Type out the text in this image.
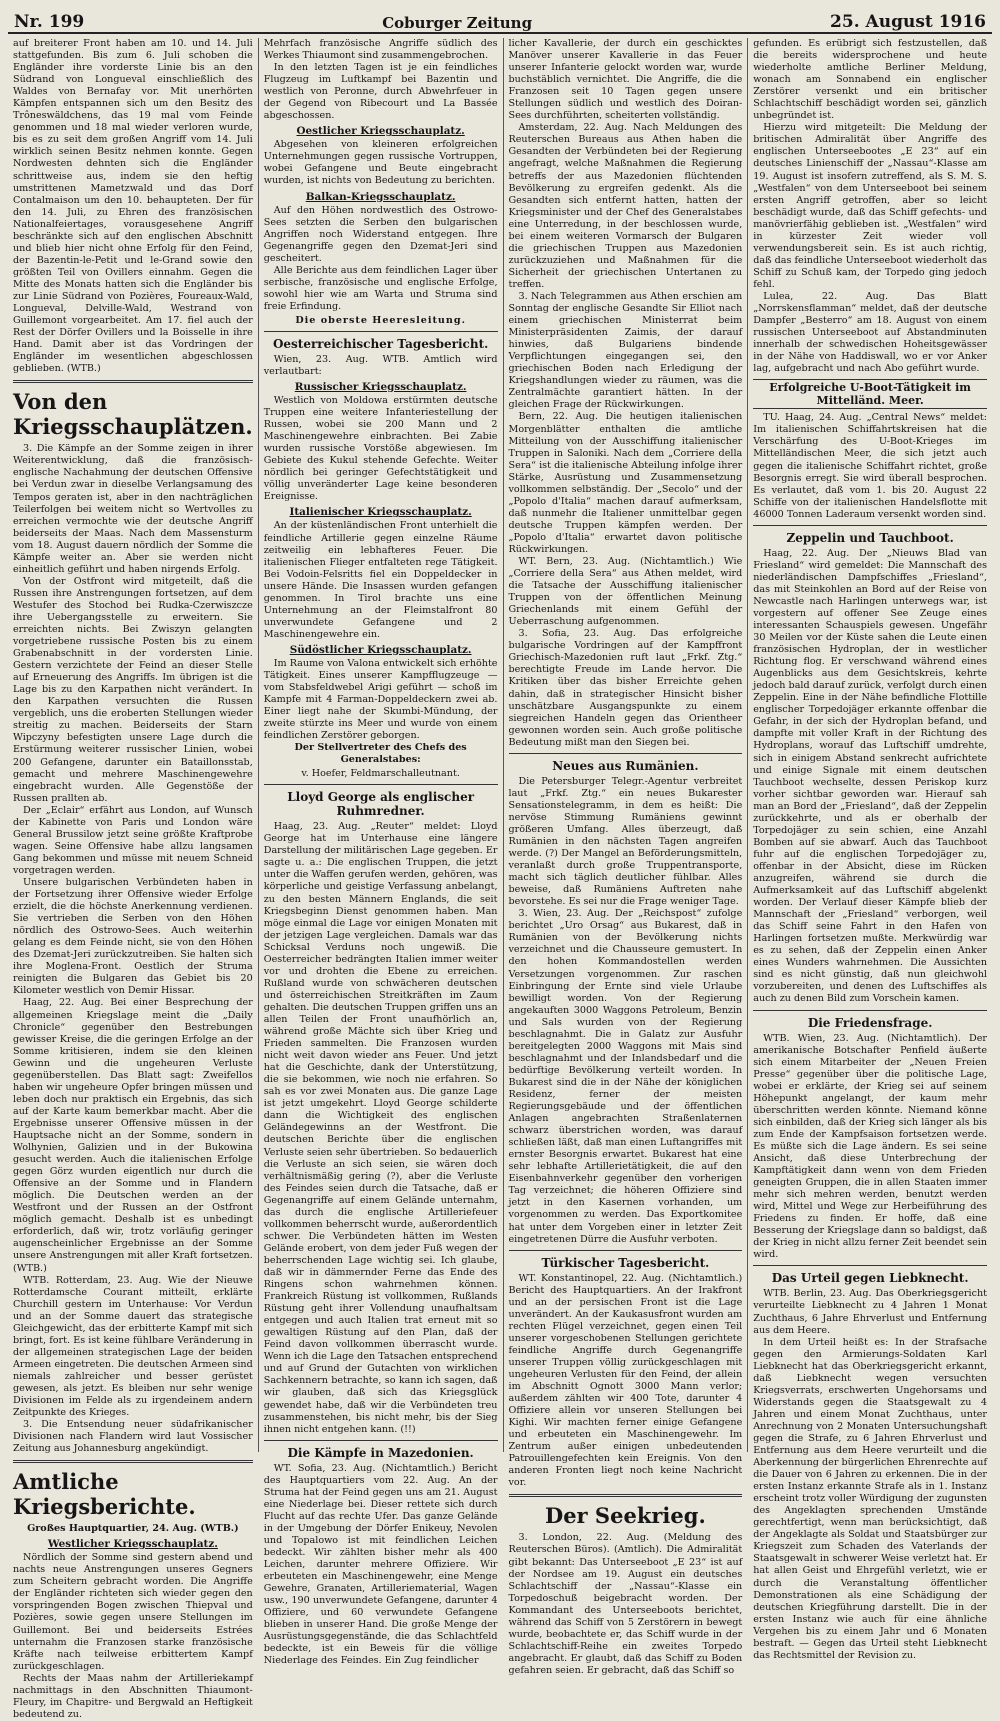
Nr. 199	Coburger Zeitung	25. August 1916

auf breiterer Front haben am 10. und 14. Juli stattgefunden. Bis zum 6. Juli schoben die Engländer ihre vorderste Linie bis an den Südrand von Longueval einschließlich des Waldes von Bernafay vor. Mit unerhörten Kämpfen entspannen sich um den Besitz des Trôneswäldchens, das 19 mal vom Feinde genommen und 18 mal wieder verloren wurde, bis es zu seit dem großen Angriff vom 14. Juli wirklich seinen Besitz nehmen konnte. Gegen Nordwesten dehnten sich die Engländer schrittweise aus, indem sie den heftig umstrittenen Mametzwald und das Dorf Contalmaison um den 10. behaupteten. Der für den 14. Juli, zu Ehren des französischen Nationalfeiertages, vorausgesehene Angriff beschränkte sich auf den englischen Abschnitt und blieb hier nicht ohne Erfolg für den Feind, der Bazentin-le-Petit und le-Grand sowie den größten Teil von Ovillers einnahm. Gegen die Mitte des Monats hatten sich die Engländer bis zur Linie Südrand von Pozières, Foureaux-Wald, Longueval, Delville-Wald, Westrand von Guillemont vorgearbeitet. Am 17. fiel auch der Rest der Dörfer Ovillers und la Boisselle in ihre Hand. Damit aber ist das Vordringen der Engländer im wesentlichen abgeschlossen geblieben. (WTB.)

Von den Kriegsschauplätzen.

3. Die Kämpfe an der Somme zeigen in ihrer Weiterentwicklung, daß die französisch-englische Nachahmung der deutschen Offensive bei Verdun zwar in dieselbe Verlangsamung des Tempos geraten ist, aber in den nachträglichen Teilerfolgen bei weitem nicht so Wertvolles zu erreichen vermochte wie der deutsche Angriff beiderseits der Maas. Nach dem Massensturm vom 18. August dauern nördlich der Somme die Kämpfe weiter an. Aber sie werden nicht einheitlich geführt und haben nirgends Erfolg.

Von der Ostfront wird mitgeteilt, daß die Russen ihre Anstrengungen fortsetzen, auf dem Westufer des Stochod bei Rudka-Czerwiszcze ihre Uebergangsstelle zu erweitern. Sie erreichten nichts. Bei Zwiszyn gelangten vorgetriebene russische Posten bis zu einem Grabenabschnitt in der vordersten Linie. Gestern verzichtete der Feind an dieser Stelle auf Erneuerung des Angriffs. Im übrigen ist die Lage bis zu den Karpathen nicht verändert. In den Karpathen versuchten die Russen vergeblich, uns die eroberten Stellungen wieder streitig zu machen. Beiderseits der Starn Wipczyny befestigten unsere Lage durch die Erstürmung weiterer russischer Linien, wobei 200 Gefangene, darunter ein Bataillonsstab, gemacht und mehrere Maschinengewehre eingebracht wurden. Alle Gegenstöße der Russen prallten ab.

Der „Eclair“ erfährt aus London, auf Wunsch der Kabinette von Paris und London wäre General Brussilow jetzt seine größte Kraftprobe wagen. Seine Offensive habe allzu langsamen Gang bekommen und müsse mit neuem Schneid vorgetragen werden.

Unsere bulgarischen Verbündeten haben in der Fortsetzung ihrer Offensive wieder Erfolge erzielt, die die höchste Anerkennung verdienen. Sie vertrieben die Serben von den Höhen nördlich des Ostrowo-Sees. Auch weiterhin gelang es dem Feinde nicht, sie von den Höhen des Dzemat-Jeri zurückzutreiben. Sie halten sich ihre Moglena-Front. Oestlich der Struma reinigten die Bulgaren das Gebiet bis 20 Kilometer westlich von Demir Hissar.

Haag, 22. Aug. Bei einer Besprechung der allgemeinen Kriegslage meint die „Daily Chronicle“ gegenüber den Bestrebungen gewisser Kreise, die die geringen Erfolge an der Somme kritisieren, indem sie den kleinen Gewinn und die ungeheuren Verluste gegenüberstellen. Das Blatt sagt: Zweifellos haben wir ungeheure Opfer bringen müssen und leben doch nur praktisch ein Ergebnis, das sich auf der Karte kaum bemerkbar macht. Aber die Ergebnisse unserer Offensive müssen in der Hauptsache nicht an der Somme, sondern in Wolhynien, Galizien und in der Bukowina gesucht werden. Auch die italienischen Erfolge gegen Görz wurden eigentlich nur durch die Offensive an der Somme und in Flandern möglich. Die Deutschen werden an der Westfront und der Russen an der Ostfront möglich gemacht. Deshalb ist es unbedingt erforderlich, daß wir, trotz vorläufig geringer augenscheinlicher Ergebnisse an der Somme unsere Anstrengungen mit aller Kraft fortsetzen. (WTB.)

WTB. Rotterdam, 23. Aug. Wie der Nieuwe Rotterdamsche Courant mitteilt, erklärte Churchill gestern im Unterhause: Vor Verdun und an der Somme dauert das strategische Gleichgewicht, das der erbitterte Kampf mit sich bringt, fort. Es ist keine fühlbare Veränderung in der allgemeinen strategischen Lage der beiden Armeen eingetreten. Die deutschen Armeen sind niemals zahlreicher und besser gerüstet gewesen, als jetzt. Es bleiben nur sehr wenige Divisionen im Felde als zu irgendeinem andern Zeitpunkte des Krieges.

3. Die Entsendung neuer südafrikanischer Divisionen nach Flandern wird laut Vossischer Zeitung aus Johannesburg angekündigt.

Amtliche Kriegsberichte.
Großes Hauptquartier, 24. Aug. (WTB.)
Westlicher Kriegsschauplatz.

Nördlich der Somme sind gestern abend und nachts neue Anstrengungen unseres Gegners zum Scheitern gebracht worden. Die Angriffe der Engländer richteten sich wieder gegen den vorspringenden Bogen zwischen Thiepval und Pozières, sowie gegen unsere Stellungen im Guillemont. Bei und beiderseits Estrées unternahm die Franzosen starke französische Kräfte nach teilweise erbittertem Kampf zurückgeschlagen.

Rechts der Maas nahm der Artilleriekampf nachmittags in den Abschnitten Thiaumont-Fleury, im Chapitre- und Bergwald an Heftigkeit bedeutend zu.

Mehrfach französische Angriffe südlich des Werkes Thiaumont sind zusammengebrochen.

In den letzten Tagen ist je ein feindliches Flugzeug im Luftkampf bei Bazentin und westlich von Peronne, durch Abwehrfeuer in der Gegend von Ribecourt und La Bassée abgeschossen.

Oestlicher Kriegsschauplatz.

Abgesehen von kleineren erfolgreichen Unternehmungen gegen russische Vortruppen, wobei Gefangene und Beute eingebracht wurden, ist nichts von Bedeutung zu berichten.

Balkan-Kriegsschauplatz.

Auf den Höhen nordwestlich des Ostrowo-Sees setzten die Serben den bulgarischen Angriffen noch Widerstand entgegen. Ihre Gegenangriffe gegen den Dzemat-Jeri sind gescheitert.

Alle Berichte aus dem feindlichen Lager über serbische, französische und englische Erfolge, sowohl hier wie am Warta und Struma sind freie Erfindung.

Die oberste Heeresleitung.
Oesterreichischer Tagesbericht.

Wien, 23. Aug. WTB. Amtlich wird verlautbart:

Russischer Kriegsschauplatz.

Westlich von Moldowa erstürmten deutsche Truppen eine weitere Infanteriestellung der Russen, wobei sie 200 Mann und 2 Maschinengewehre einbrachten. Bei Zabie wurden russische Vorstöße abgewiesen. Im Gebiete des Kukul stehende Gefechte. Weiter nördlich bei geringer Gefechtstätigkeit und völlig unveränderter Lage keine besonderen Ereignisse.

Italienischer Kriegsschauplatz.

An der küstenländischen Front unterhielt die feindliche Artillerie gegen einzelne Räume zeitweilig ein lebhafteres Feuer. Die italienischen Flieger entfalteten rege Tätigkeit. Bei Vodoin-Felsritts fiel ein Doppeldecker in unsere Hände. Die Insassen wurden gefangen genommen. In Tirol brachte uns eine Unternehmung an der Fleimstalfront 80 unverwundete Gefangene und 2 Maschinengewehre ein.

Südöstlicher Kriegsschauplatz.

Im Raume von Valona entwickelt sich erhöhte Tätigkeit. Eines unserer Kampfflugzeuge — vom Stabsfeldwebel Arigi geführt — schoß im Kampfe mit 4 Farman-Doppeldeckern zwei ab. Einer liegt nahe der Skumbi-Mündung, der zweite stürzte ins Meer und wurde von einem feindlichen Zerstörer geborgen.

Der Stellvertreter des Chefs des Generalstabes:
v. Hoefer, Feldmarschalleutnant.
Lloyd George als englischer Ruhmredner.

Haag, 23. Aug. „Reuter“ meldet: Lloyd George hat im Unterhause eine längere Darstellung der militärischen Lage gegeben. Er sagte u. a.: Die englischen Truppen, die jetzt unter die Waffen gerufen werden, gehören, was körperliche und geistige Verfassung anbelangt, zu den besten Männern Englands, die seit Kriegsbeginn Dienst genommen haben. Man möge einmal die Lage vor einigen Monaten mit der jetzigen Lage vergleichen. Damals war das Schicksal Verduns noch ungewiß. Die Oesterreicher bedrängten Italien immer weiter vor und drohten die Ebene zu erreichen. Rußland wurde von schwächeren deutschen und österreichischen Streitkräften im Zaum gehalten. Die deutschen Truppen griffen uns an allen Teilen der Front unaufhörlich an, während große Mächte sich über Krieg und Frieden sammelten. Die Franzosen wurden nicht weit davon wieder ans Feuer. Und jetzt hat die Geschichte, dank der Unterstützung, die sie bekommen, wie noch nie erfahren. So sah es vor zwei Monaten aus. Die ganze Lage ist jetzt umgekehrt. Lloyd George schilderte dann die Wichtigkeit des englischen Geländegewinns an der Westfront. Die deutschen Berichte über die englischen Verluste seien sehr übertrieben. So bedauerlich die Verluste an sich seien, sie wären doch verhältnismäßig gering (?), aber die Verluste des Feindes seien durch die Tatsache, daß er Gegenangriffe auf einem Gelände unternahm, das durch die englische Artilleriefeuer vollkommen beherrscht wurde, außerordentlich schwer. Die Verbündeten hätten im Westen Gelände erobert, von dem jeder Fuß wegen der beherrschenden Lage wichtig sei. Ich glaube, daß wir in dämmernder Ferne das Ende des Ringens schon wahrnehmen können. Frankreich Rüstung ist vollkommen, Rußlands Rüstung geht ihrer Vollendung unaufhaltsam entgegen und auch Italien trat erneut mit so gewaltigen Rüstung auf den Plan, daß der Feind davon vollkommen überrascht wurde. Wenn ich die Lage den Tatsachen entsprechend und auf Grund der Gutachten von wirklichen Sachkennern betrachte, so kann ich sagen, daß wir glauben, daß sich das Kriegsglück gewendet habe, daß wir die Verbündeten treu zusammenstehen, bis nicht mehr, bis der Sieg ihnen nicht entgehen kann. (!!)

Die Kämpfe in Mazedonien.

WT. Sofia, 23. Aug. (Nichtamtlich.) Bericht des Hauptquartiers vom 22. Aug. An der Struma hat der Feind gegen uns am 21. August eine Niederlage bei. Dieser rettete sich durch Flucht auf das rechte Ufer. Das ganze Gelände in der Umgebung der Dörfer Enikeuy, Nevolen und Topalowo ist mit feindlichen Leichen bedeckt. Wir zählten bisher mehr als 400 Leichen, darunter mehrere Offiziere. Wir erbeuteten ein Maschinengewehr, eine Menge Gewehre, Granaten, Artilleriematerial, Wagen usw., 190 unverwundete Gefangene, darunter 4 Offiziere, und 60 verwundete Gefangene blieben in unserer Hand. Die große Menge der Ausrüstungsgegenstände, die das Schlachtfeld bedeckte, ist ein Beweis für die völlige Niederlage des Feindes. Ein Zug feindlicher

licher Kavallerie, der durch ein geschicktes Manöver unserer Kavallerie in das Feuer unserer Infanterie gelockt worden war, wurde buchstäblich vernichtet. Die Angriffe, die die Franzosen seit 10 Tagen gegen unsere Stellungen südlich und westlich des Doiran-Sees durchführten, scheiterten vollständig.

Amsterdam, 22. Aug. Nach Meldungen des Reuterschen Bureaus aus Athen haben die Gesandten der Verbündeten bei der Regierung angefragt, welche Maßnahmen die Regierung betreffs der aus Mazedonien flüchtenden Bevölkerung zu ergreifen gedenkt. Als die Gesandten sich entfernt hatten, hatten der Kriegsminister und der Chef des Generalstabes eine Unterredung, in der beschlossen wurde, bei einem weiteren Vormarsch der Bulgaren die griechischen Truppen aus Mazedonien zurückzuziehen und Maßnahmen für die Sicherheit der griechischen Untertanen zu treffen.

3. Nach Telegrammen aus Athen erschien am Sonntag der englische Gesandte Sir Elliot nach einem griechischen Ministerrat beim Ministerpräsidenten Zaimis, der darauf hinwies, daß Bulgariens bindende Verpflichtungen eingegangen sei, den griechischen Boden nach Erledigung der Kriegshandlungen wieder zu räumen, was die Zentralmächte garantiert hätten. In der gleichen Frage der Rückwirkungen.

Bern, 22. Aug. Die heutigen italienischen Morgenblätter enthalten die amtliche Mitteilung von der Ausschiffung italienischer Truppen in Saloniki. Nach dem „Corriere della Sera“ ist die italienische Abteilung infolge ihrer Stärke, Ausrüstung und Zusammensetzung vollkommen selbständig. Der „Secolo“ und der „Popolo d'Italia“ machen darauf aufmerksam, daß nunmehr die Italiener unmittelbar gegen deutsche Truppen kämpfen werden. Der „Popolo d'Italia“ erwartet davon politische Rückwirkungen.

WT. Bern, 23. Aug. (Nichtamtlich.) Wie „Corriere della Sera“ aus Athen meldet, wird die Tatsache der Ausschiffung italienischer Truppen von der öffentlichen Meinung Griechenlands mit einem Gefühl der Ueberraschung aufgenommen.

3. Sofia, 23. Aug. Das erfolgreiche bulgarische Vordringen auf der Kampffront Griechisch-Mazedonien ruft laut „Frkf. Ztg.“ berechtigte Freude im Lande hervor. Die Kritiken über das bisher Erreichte gehen dahin, daß in strategischer Hinsicht bisher unschätzbare Ausgangspunkte zu einem siegreichen Handeln gegen das Orientheer gewonnen worden sein. Auch große politische Bedeutung mißt man den Siegen bei.

Neues aus Rumänien.

Die Petersburger Telegr.-Agentur verbreitet laut „Frkf. Ztg.“ ein neues Bukarester Sensationstelegramm, in dem es heißt: Die nervöse Stimmung Rumäniens gewinnt größeren Umfang. Alles überzeugt, daß Rumänien in den nächsten Tagen angreifen werde. (?) Der Mangel an Beförderungsmitteln, veranlaßt durch große Truppentransporte, macht sich täglich deutlicher fühlbar. Alles beweise, daß Rumäniens Auftreten nahe bevorstehe. Es sei nur die Frage weniger Tage.

3. Wien, 23. Aug. Der „Reichspost“ zufolge berichtet „Uro Orsag“ aus Bukarest, daß in Rumänien von der Bevölkerung nichts verzeichnet und die Chausseure gemustert. In den hohen Kommandostellen werden Versetzungen vorgenommen. Zur raschen Einbringung der Ernte sind viele Urlaube bewilligt worden. Von der Regierung angekauften 3000 Waggons Petroleum, Benzin und Sals wurden von der Regierung beschlagnahmt. Die in Galatz zur Ausfuhr bereitgelegten 2000 Waggons mit Mais sind beschlagnahmt und der Inlandsbedarf und die bedürftige Bevölkerung verteilt worden. In Bukarest sind die in der Nähe der königlichen Residenz, ferner der meisten Regierungsgebäude und der öffentlichen Anlagen angebrachten Straßenlaternen schwarz überstrichen worden, was darauf schließen läßt, daß man einen Luftangriffes mit ernster Besorgnis erwartet. Bukarest hat eine sehr lebhafte Artillerietätigkeit, die auf den Eisenbahnverkehr gegenüber den vorherigen Tag verzeichnet; die höheren Offiziere sind jetzt in den Kasernen vorhanden, um vorgenommen zu werden. Das Exportkomitee hat unter dem Vorgeben einer in letzter Zeit eingetretenen Dürre die Ausfuhr verboten.

Türkischer Tagesbericht.

WT. Konstantinopel, 22. Aug. (Nichtamtlich.) Bericht des Hauptquartiers. An der Irakfront und an der persischen Front ist die Lage unverändert. An der Kaukasusfront wurden am rechten Flügel verzeichnet, gegen einen Teil unserer vorgeschobenen Stellungen gerichtete feindliche Angriffe durch Gegenangriffe unserer Truppen völlig zurückgeschlagen mit ungeheuren Verlusten für den Feind, der allein im Abschnitt Ognott 3000 Mann verlor; außerdem zählten wir 400 Tote, darunter 4 Offiziere allein vor unseren Stellungen bei Kighi. Wir machten ferner einige Gefangene und erbeuteten ein Maschinengewehr. Im Zentrum außer einigen unbedeutenden Patrouillengefechten kein Ereignis. Von den anderen Fronten liegt noch keine Nachricht vor.

Der Seekrieg.

3. London, 22. Aug. (Meldung des Reuterschen Büros). (Amtlich). Die Admiralität gibt bekannt: Das Unterseeboot „E 23“ ist auf der Nordsee am 19. August ein deutsches Schlachtschiff der „Nassau“-Klasse ein Torpedoschuß beigebracht worden. Der Kommandant des Unterseeboots berichtet, während das Schiff von 5 Zerstörern in bewegt wurde, beobachtete er, das Schiff wurde in der Schlachtschiff-Reihe ein zweites Torpedo angebracht. Er glaubt, daß das Schiff zu Boden gefahren seien. Er gebracht, daß das Schiff so

gefunden. Es erübrigt sich festzustellen, daß die bereits widersprochene und heute wiederholte amtliche Berliner Meldung, wonach am Sonnabend ein englischer Zerstörer versenkt und ein britischer Schlachtschiff beschädigt worden sei, gänzlich unbegründet ist.

Hierzu wird mitgeteilt: Die Meldung der britischen Admiralität über Angriffe des englischen Unterseebootes „E 23“ auf ein deutsches Linienschiff der „Nassau“-Klasse am 19. August ist insofern zutreffend, als S. M. S. „Westfalen“ von dem Unterseeboot bei seinem ersten Angriff getroffen, aber so leicht beschädigt wurde, daß das Schiff gefechts- und manövrierfähig geblieben ist. „Westfalen“ wird in kürzester Zeit wieder voll verwendungsbereit sein. Es ist auch richtig, daß das feindliche Unterseeboot wiederholt das Schiff zu Schuß kam, der Torpedo ging jedoch fehl.

Lulea, 22. Aug. Das Blatt „Norrskensflamman“ meldet, daß der deutsche Dampfer „Besterro“ am 18. August von einem russischen Unterseeboot auf Abstandminuten innerhalb der schwedischen Hoheitsgewässer in der Nähe von Haddiswall, wo er vor Anker lag, aufgebracht und nach Abo geführt wurde.

Erfolgreiche U-Boot-Tätigkeit im Mittelländ. Meer.

TU. Haag, 24. Aug. „Central News“ meldet: Im italienischen Schiffahrtskreisen hat die Verschärfung des U-Boot-Krieges im Mittelländischen Meer, die sich jetzt auch gegen die italienische Schiffahrt richtet, große Besorgnis erregt. Sie wird überall besprochen. Es verlautet, daß vom 1. bis 20. August 22 Schiffe von der italienischen Handelsflotte mit 46000 Tonnen Laderaum versenkt worden sind.

Zeppelin und Tauchboot.

Haag, 22. Aug. Der „Nieuws Blad van Friesland“ wird gemeldet: Die Mannschaft des niederländischen Dampfschiffes „Friesland“, das mit Steinkohlen an Bord auf der Reise von Newcastle nach Harlingen unterwegs war, ist vorgestern auf offener See Zeuge eines interessanten Schauspiels gewesen. Ungefähr 30 Meilen vor der Küste sahen die Leute einen französischen Hydroplan, der in westlicher Richtung flog. Er verschwand während eines Augenblicks aus dem Gesichtskreis, kehrte jedoch bald darauf zurück, verfolgt durch einen Zeppelin. Eine in der Nähe befindliche Flottille englischer Torpedojäger erkannte offenbar die Gefahr, in der sich der Hydroplan befand, und dampfte mit voller Kraft in der Richtung des Hydroplans, worauf das Luftschiff umdrehte, sich in einigem Abstand senkrecht aufrichtete und einige Signale mit einem deutschen Tauchboot wechselte, dessen Periskop kurz vorher sichtbar geworden war. Hierauf sah man an Bord der „Friesland“, daß der Zeppelin zurückkehrte, und als er oberhalb der Torpedojäger zu sein schien, eine Anzahl Bomben auf sie abwarf. Auch das Tauchboot fuhr auf die englischen Torpedojäger zu, offenbar in der Absicht, diese im Rücken anzugreifen, während sie durch die Aufmerksamkeit auf das Luftschiff abgelenkt worden. Der Verlauf dieser Kämpfe blieb der Mannschaft der „Friesland“ verborgen, weil das Schiff seine Fahrt in den Hafen von Harlingen fortsetzen mußte. Merkwürdig war es zu sehen, daß der Zeppelin einen Anker eines Wunders wahrnehmen. Die Aussichten sind es nicht günstig, daß nun gleichwohl vorzubereiten, und denen des Luftschiffes als auch zu denen Bild zum Vorschein kamen.

Die Friedensfrage.

WTB. Wien, 23. Aug. (Nichtamtlich). Der amerikanische Botschafter Penfield äußerte sich einem Mitarbeiter der „Neuen Freien Presse“ gegenüber über die politische Lage, wobei er erklärte, der Krieg sei auf seinem Höhepunkt angelangt, der kaum mehr überschritten werden könnte. Niemand könne sich einbilden, daß der Krieg sich länger als bis zum Ende der Kampfsaison fortsetzen werde. Es müßte sich die Lage ändern. Es sei seine Ansicht, daß diese Unterbrechung der Kampftätigkeit dann wenn von dem Frieden geneigten Gruppen, die in allen Staaten immer mehr sich mehren werden, benutzt werden wird, Mittel und Wege zur Herbeiführung des Friedens zu finden. Er hoffe, daß eine Besserung der Kriegslage dann so baldigst, daß der Krieg in nicht allzu ferner Zeit beendet sein wird.

Das Urteil gegen Liebknecht.

WTB. Berlin, 23. Aug. Das Oberkriegsgericht verurteilte Liebknecht zu 4 Jahren 1 Monat Zuchthaus, 6 Jahre Ehrverlust und Entfernung aus dem Heere.

In dem Urteil heißt es: In der Strafsache gegen den Armierungs-Soldaten Karl Liebknecht hat das Oberkriegsgericht erkannt, daß Liebknecht wegen versuchten Kriegsverrats, erschwerten Ungehorsams und Widerstands gegen die Staatsgewalt zu 4 Jahren und einem Monat Zuchthaus, unter Anrechnung von 2 Monaten Untersuchungshaft gegen die Strafe, zu 6 Jahren Ehrverlust und Entfernung aus dem Heere verurteilt und die Aberkennung der bürgerlichen Ehrenrechte auf die Dauer von 6 Jahren zu erkennen. Die in der ersten Instanz erkannte Strafe als in 1. Instanz erscheint trotz voller Würdigung der zugunsten des Angeklagten sprechenden Umstände gerechtfertigt, wenn man berücksichtigt, daß der Angeklagte als Soldat und Staatsbürger zur Kriegszeit zum Schaden des Vaterlands der Staatsgewalt in schwerer Weise verletzt hat. Er hat allen Geist und Ehrgefühl verletzt, wie er durch die Veranstaltung öffentlicher Demonstrationen als eine Schädigung der deutschen Kriegführung darstellt. Die in der ersten Instanz wie auch für eine ähnliche Vergehen bis zu einem Jahr und 6 Monaten bestraft. — Gegen das Urteil steht Liebknecht das Rechtsmittel der Revision zu.
